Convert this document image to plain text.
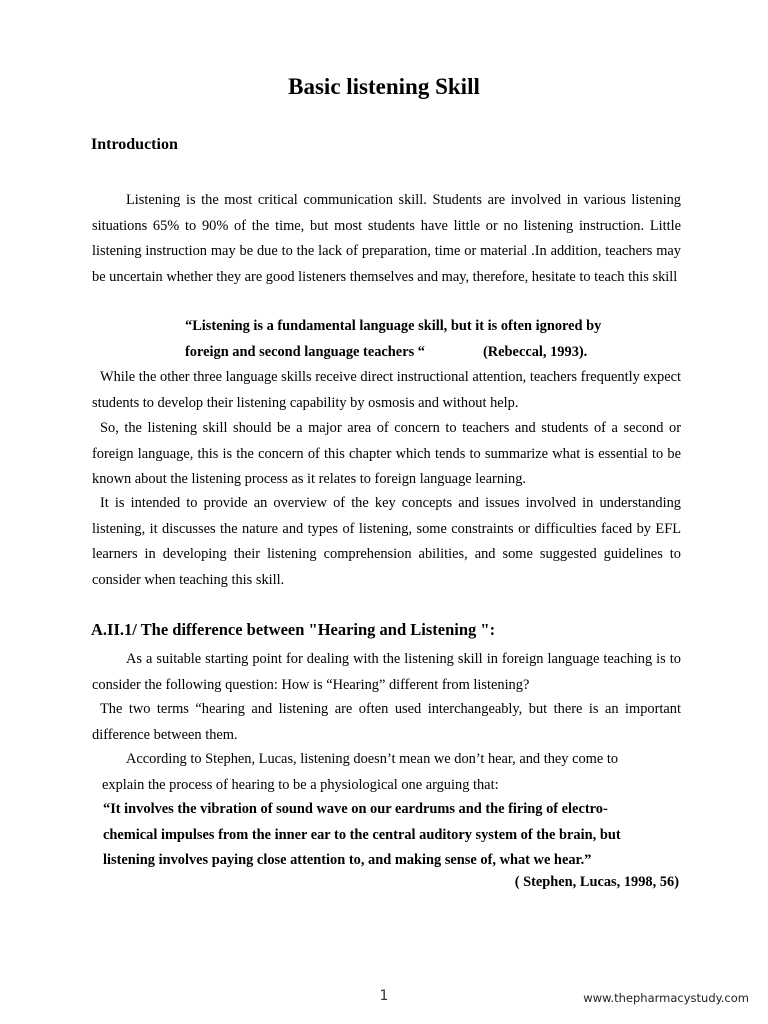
Basic listening Skill
Introduction

Listening is the most critical communication skill. Students are involved in various listening situations 65% to 90% of the time, but most students have little or no listening instruction. Little listening instruction may be due to the lack of preparation, time or material .In addition, teachers may be uncertain whether they are good listeners themselves and may, therefore, hesitate to teach this skill

“Listening is a fundamental language skill, but it is often ignored by
foreign and second language teachers “	(Rebeccal, 1993).

While the other three language skills receive direct instructional attention, teachers frequently expect students to develop their listening capability by osmosis and without help.

So, the listening skill should be a major area of concern to teachers and students of a second or foreign language, this is the concern of this chapter which tends to summarize what is essential to be known about the listening process as it relates to foreign language learning.

It is intended to provide an overview of the key concepts and issues involved in understanding listening, it discusses the nature and types of listening, some constraints or difficulties faced by EFL learners in developing their listening comprehension abilities, and some suggested guidelines to consider when teaching this skill.

A.II.1/ The difference between "Hearing and Listening ":

As a suitable starting point for dealing with the listening skill in foreign language teaching is to consider the following question: How is “Hearing” different from listening?

The two terms “hearing and listening are often used interchangeably, but there is an important difference between them.

According to Stephen, Lucas, listening doesn’t mean we don’t hear, and they come to
explain the process of hearing to be a physiological one arguing that:
“It involves the vibration of sound wave on our eardrums and the firing of electro-
chemical impulses from the inner ear to the central auditory system of the brain, but
listening involves paying close attention to, and making sense of, what we hear.”

( Stephen, Lucas, 1998, 56)

1	www.thepharmacystudy.com
